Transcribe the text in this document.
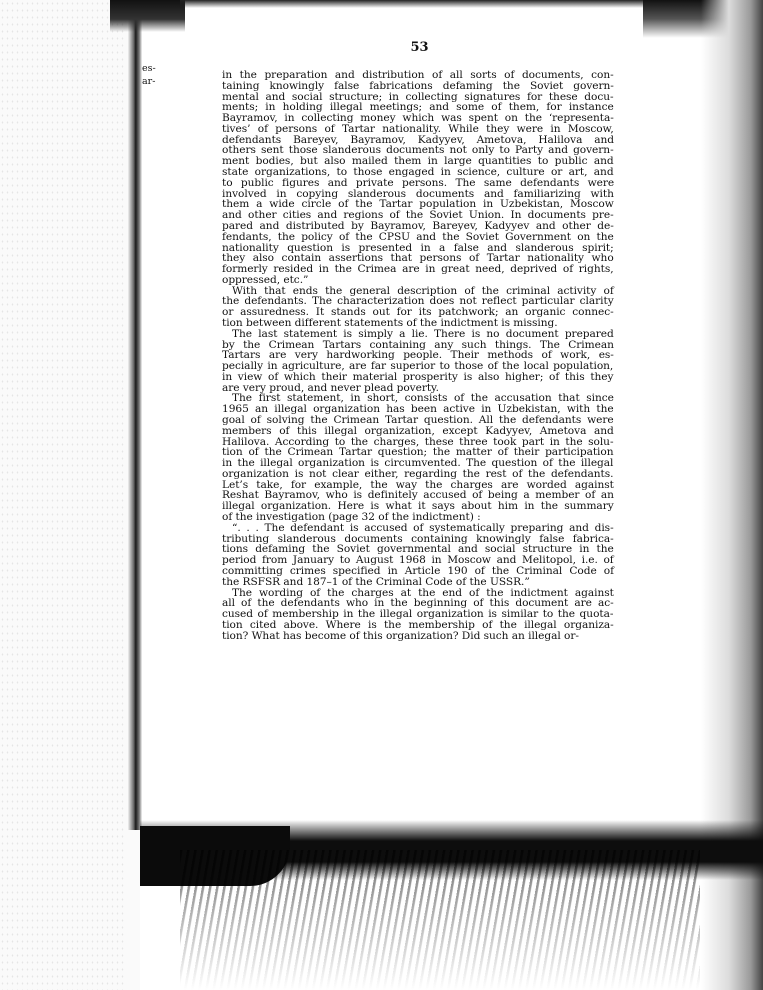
es-
ar-
53
in the preparation and distribution of all sorts of documents, con-
taining knowingly false fabrications defaming the Soviet govern-
mental and social structure; in collecting signatures for these docu-
ments; in holding illegal meetings; and some of them, for instance
Bayramov, in collecting money which was spent on the ‘representa-
tives’ of persons of Tartar nationality. While they were in Moscow,
defendants Bareyev, Bayramov, Kadyyev, Ametova, Halilova and
others sent those slanderous documents not only to Party and govern-
ment bodies, but also mailed them in large quantities to public and
state organizations, to those engaged in science, culture or art, and
to public figures and private persons. The same defendants were
involved in copying slanderous documents and familiarizing with
them a wide circle of the Tartar population in Uzbekistan, Moscow
and other cities and regions of the Soviet Union. In documents pre-
pared and distributed by Bayramov, Bareyev, Kadyyev and other de-
fendants, the policy of the CPSU and the Soviet Government on the
nationality question is presented in a false and slanderous spirit;
they also contain assertions that persons of Tartar nationality who
formerly resided in the Crimea are in great need, deprived of rights,
oppressed, etc.”
With that ends the general description of the criminal activity of
the defendants. The characterization does not reflect particular clarity
or assuredness. It stands out for its patchwork; an organic connec-
tion between different statements of the indictment is missing.
The last statement is simply a lie. There is no document prepared
by the Crimean Tartars containing any such things. The Crimean
Tartars are very hardworking people. Their methods of work, es-
pecially in agriculture, are far superior to those of the local population,
in view of which their material prosperity is also higher; of this they
are very proud, and never plead poverty.
The first statement, in short, consists of the accusation that since
1965 an illegal organization has been active in Uzbekistan, with the
goal of solving the Crimean Tartar question. All the defendants were
members of this illegal organization, except Kadyyev, Ametova and
Halilova. According to the charges, these three took part in the solu-
tion of the Crimean Tartar question; the matter of their participation
in the illegal organization is circumvented. The question of the illegal
organization is not clear either, regarding the rest of the defendants.
Let’s take, for example, the way the charges are worded against
Reshat Bayramov, who is definitely accused of being a member of an
illegal organization. Here is what it says about him in the summary
of the investigation (page 32 of the indictment) :
“. . . The defendant is accused of systematically preparing and dis-
tributing slanderous documents containing knowingly false fabrica-
tions defaming the Soviet governmental and social structure in the
period from January to August 1968 in Moscow and Melitopol, i.e. of
committing crimes specified in Article 190 of the Criminal Code of
the RSFSR and 187–1 of the Criminal Code of the USSR.”
The wording of the charges at the end of the indictment against
all of the defendants who in the beginning of this document are ac-
cused of membership in the illegal organization is similar to the quota-
tion cited above. Where is the membership of the illegal organiza-
tion? What has become of this organization? Did such an illegal or-
